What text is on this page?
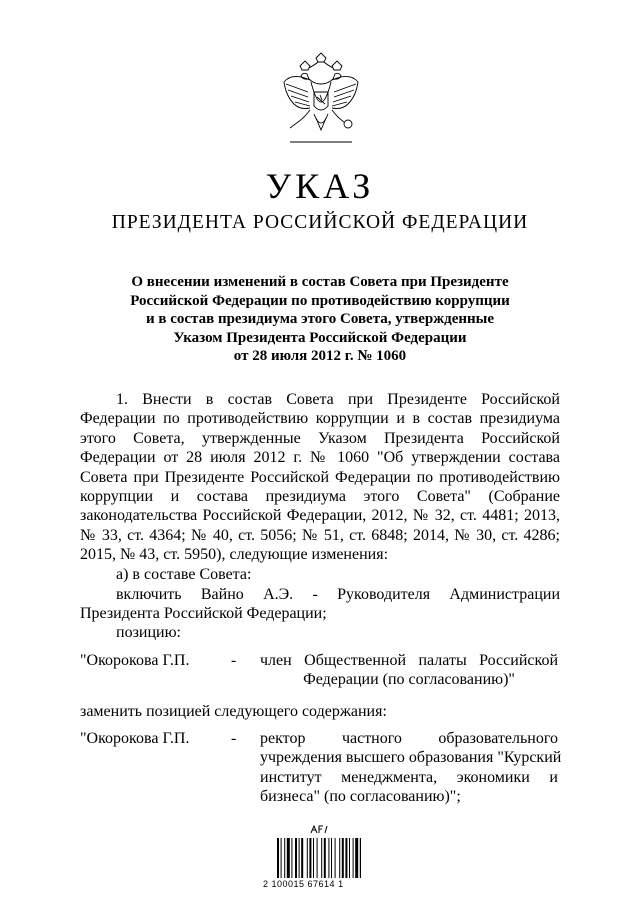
УКАЗ
ПРЕЗИДЕНТА РОССИЙСКОЙ ФЕДЕРАЦИИ
О внесении изменений в состав Совета при Президенте
Российской Федерации по противодействию коррупции
и в состав президиума этого Совета, утвержденные
Указом Президента Российской Федерации
от 28 июля 2012 г. № 1060
1. Внести в состав Совета при Президенте Российской
Федерации по противодействию коррупции и в состав президиума
этого Совета, утвержденные Указом Президента Российской
Федерации от 28 июля 2012 г. № 1060 "Об утверждении состава
Совета при Президенте Российской Федерации по противодействию
коррупции и состава президиума этого Совета" (Собрание
законодательства Российской Федерации, 2012, № 32, ст. 4481; 2013,
№ 33, ст. 4364; № 40, ст. 5056; № 51, ст. 6848; 2014, № 30, ст. 4286;
2015, № 43, ст. 5950), следующие изменения:
а) в составе Совета:
включить Вайно А.Э. - Руководителя Администрации
Президента Российской Федерации;
позицию:
"Окорокова Г.П.	- член Общественной палаты Российской
Федерации (по согласованию)"
заменить позицией следующего содержания:
"Окорокова Г.П.	- ректор частного образовательного
учреждения высшего образования "Курский
институт менеджмента, экономики и
бизнеса" (по согласованию)";
2 100015 67614 1
